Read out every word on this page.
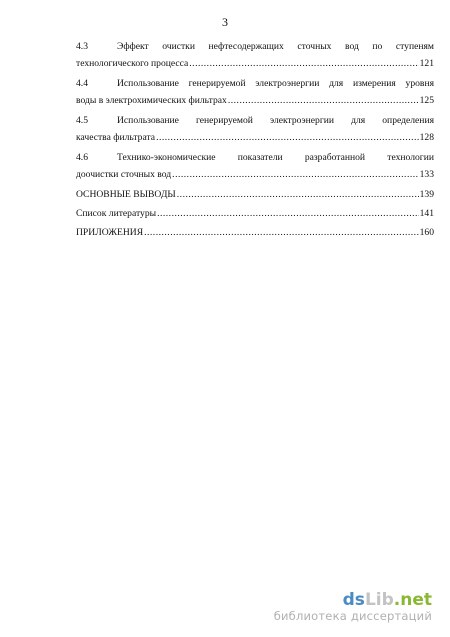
3
4.3	Эффект очистки нефтесодержащих сточных вод по ступеням
технологического процесса .....	121
4.4	Использование генерируемой электроэнергии для измерения уровня
воды в электрохимических фильтрах .....	125
4.5	Использование генерируемой электроэнергии для определения
качества фильтрата .....	128
4.6	Технико-экономические показатели разработанной технологии
доочистки сточных вод .....	133
ОСНОВНЫЕ ВЫВОДЫ .....	139
Список литературы .....	141
ПРИЛОЖЕНИЯ .....	160
dsLib.net
библиотека диссертаций
